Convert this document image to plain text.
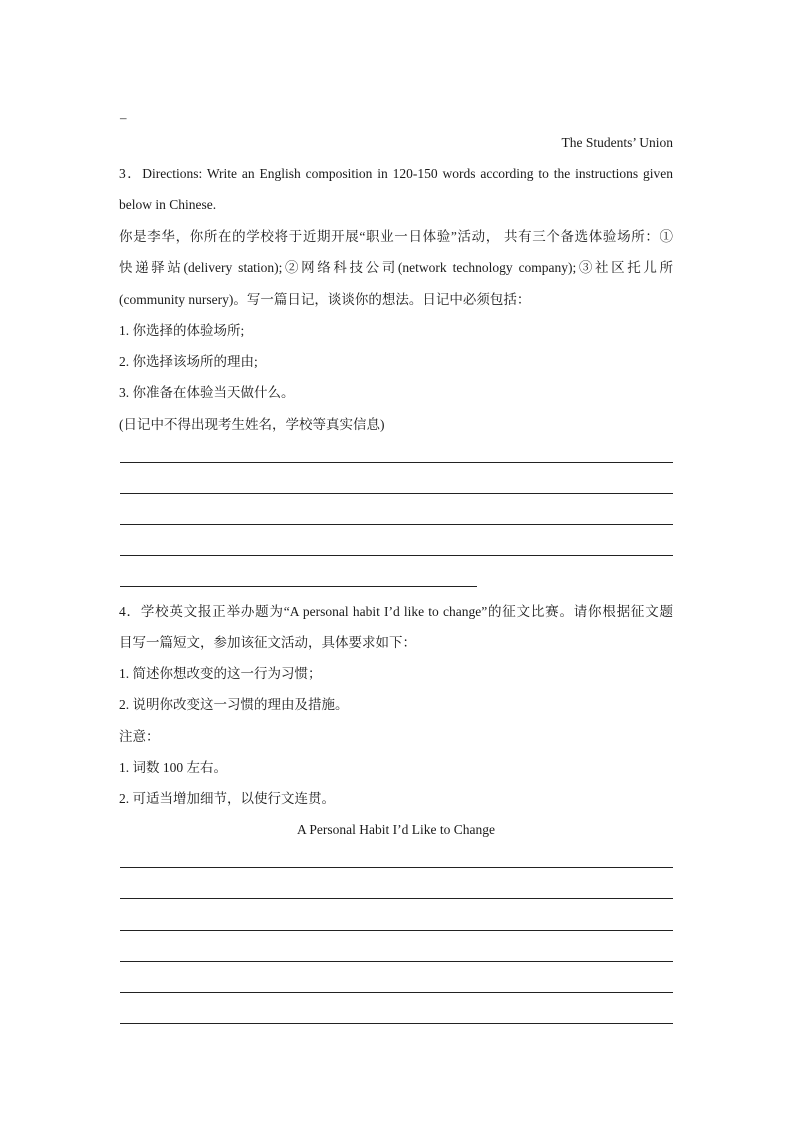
–
The Students’ Union
3．Directions: Write an English composition in 120-150 words according to the instructions given
below in Chinese.
你是李华，你所在的学校将于近期开展“职业一日体验”活动， 共有三个备选体验场所：①
快递驿站(delivery station);②网络科技公司(network technology company);③社区托儿所
(community nursery)。写一篇日记，谈谈你的想法。日记中必须包括：
1. 你选择的体验场所;
2. 你选择该场所的理由;
3. 你准备在体验当天做什么。
(日记中不得出现考生姓名，学校等真实信息)
4．学校英文报正举办题为“A personal habit I’d like to change”的征文比赛。请你根据征文题
目写一篇短文，参加该征文活动，具体要求如下：
1. 简述你想改变的这一行为习惯；
2. 说明你改变这一习惯的理由及措施。
注意：
1. 词数 100 左右。
2. 可适当增加细节，以使行文连贯。
A Personal Habit I’d Like to Change
